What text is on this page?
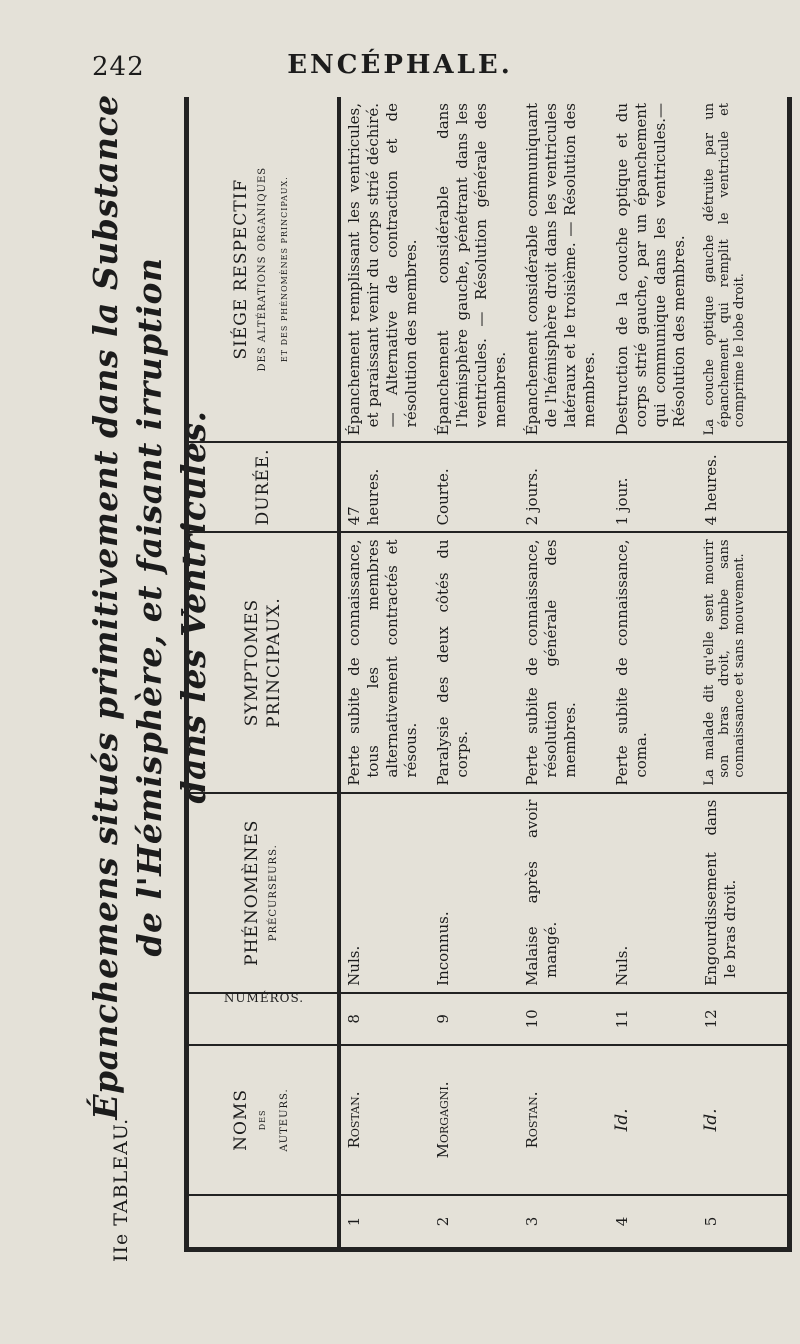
242	ENCÉPHALE.
IIe TABLEAU.
Épanchemens situés primitivement dans la Substance de l'Hémisphère, et faisant irruption dans les Ventricules.

	NOMS DES AUTEURS.	NUMÉROS.	PHÉNOMÈNES PRÉCURSEURS.	SYMPTOMES PRINCIPAUX.	DURÉE.	SIÉGE RESPECTIF DES ALTÉRATIONS ORGANIQUES ET DES PHÉNOMÈNES PRINCIPAUX.

1	Rostan.	8	Nuls.	Perte subite de connaissance, tous les membres alternativement contractés et résous.	47 heures.	Épanchement remplissant les ventricules, et paraissant venir du corps strié déchiré. — Alternative de contraction et de résolution des membres.
2	Morgagni.	9	Inconnus.	Paralysie des deux côtés du corps.	Courte.	Épanchement considérable dans l'hémisphère gauche, pénétrant dans les ventricules. — Résolution générale des membres.
3	Rostan.	10	Malaise après avoir mangé.	Perte subite de connaissance, résolution générale des membres.	2 jours.	Épanchement considérable communiquant de l'hémisphère droit dans les ventricules latéraux et le troisième. — Résolution des membres.
4	Id.	11	Nuls.	Perte subite de connaissance, coma.	1 jour.	Destruction de la couche optique et du corps strié gauche, par un épanchement qui communique dans les ventricules.—Résolution des membres.
5	Id.	12	Engourdissement dans le bras droit.	La malade dit qu'elle sent mourir son bras droit, tombe sans connaissance et sans mouvement.	4 heures.	La couche optique gauche détruite par un épanchement qui remplit le ventricule et comprime le lobe droit.
